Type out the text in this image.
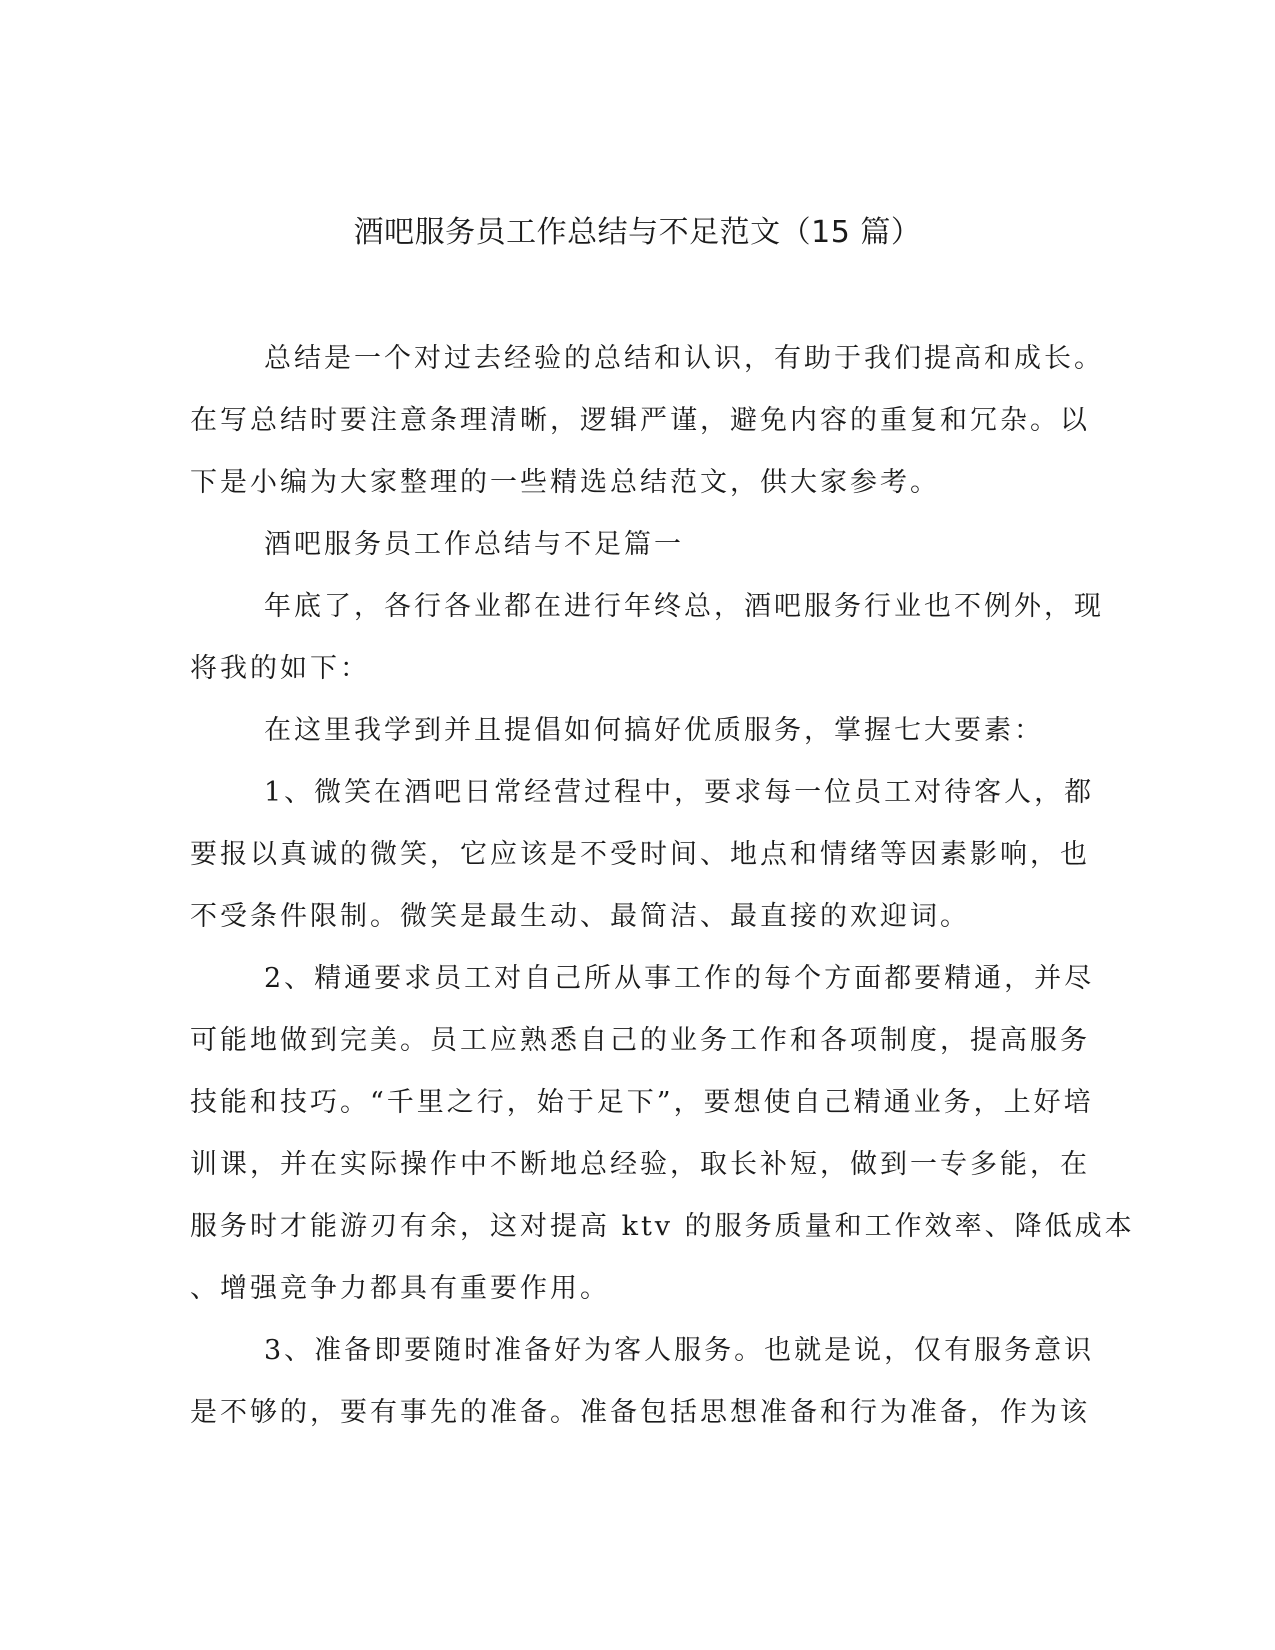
酒吧服务员工作总结与不足范文（15 篇）
总结是一个对过去经验的总结和认识，有助于我们提高和成长。
在写总结时要注意条理清晰，逻辑严谨，避免内容的重复和冗杂。以
下是小编为大家整理的一些精选总结范文，供大家参考。
酒吧服务员工作总结与不足篇一
年底了，各行各业都在进行年终总，酒吧服务行业也不例外，现
将我的如下：
在这里我学到并且提倡如何搞好优质服务，掌握七大要素：
1、微笑在酒吧日常经营过程中，要求每一位员工对待客人，都
要报以真诚的微笑，它应该是不受时间、地点和情绪等因素影响，也
不受条件限制。微笑是最生动、最简洁、最直接的欢迎词。
2、精通要求员工对自己所从事工作的每个方面都要精通，并尽
可能地做到完美。员工应熟悉自己的业务工作和各项制度，提高服务
技能和技巧。“千里之行，始于足下”，要想使自己精通业务，上好培
训课，并在实际操作中不断地总经验，取长补短，做到一专多能，在
服务时才能游刃有余，这对提高 ktv 的服务质量和工作效率、降低成本
、增强竞争力都具有重要作用。
3、准备即要随时准备好为客人服务。也就是说，仅有服务意识
是不够的，要有事先的准备。准备包括思想准备和行为准备，作为该
